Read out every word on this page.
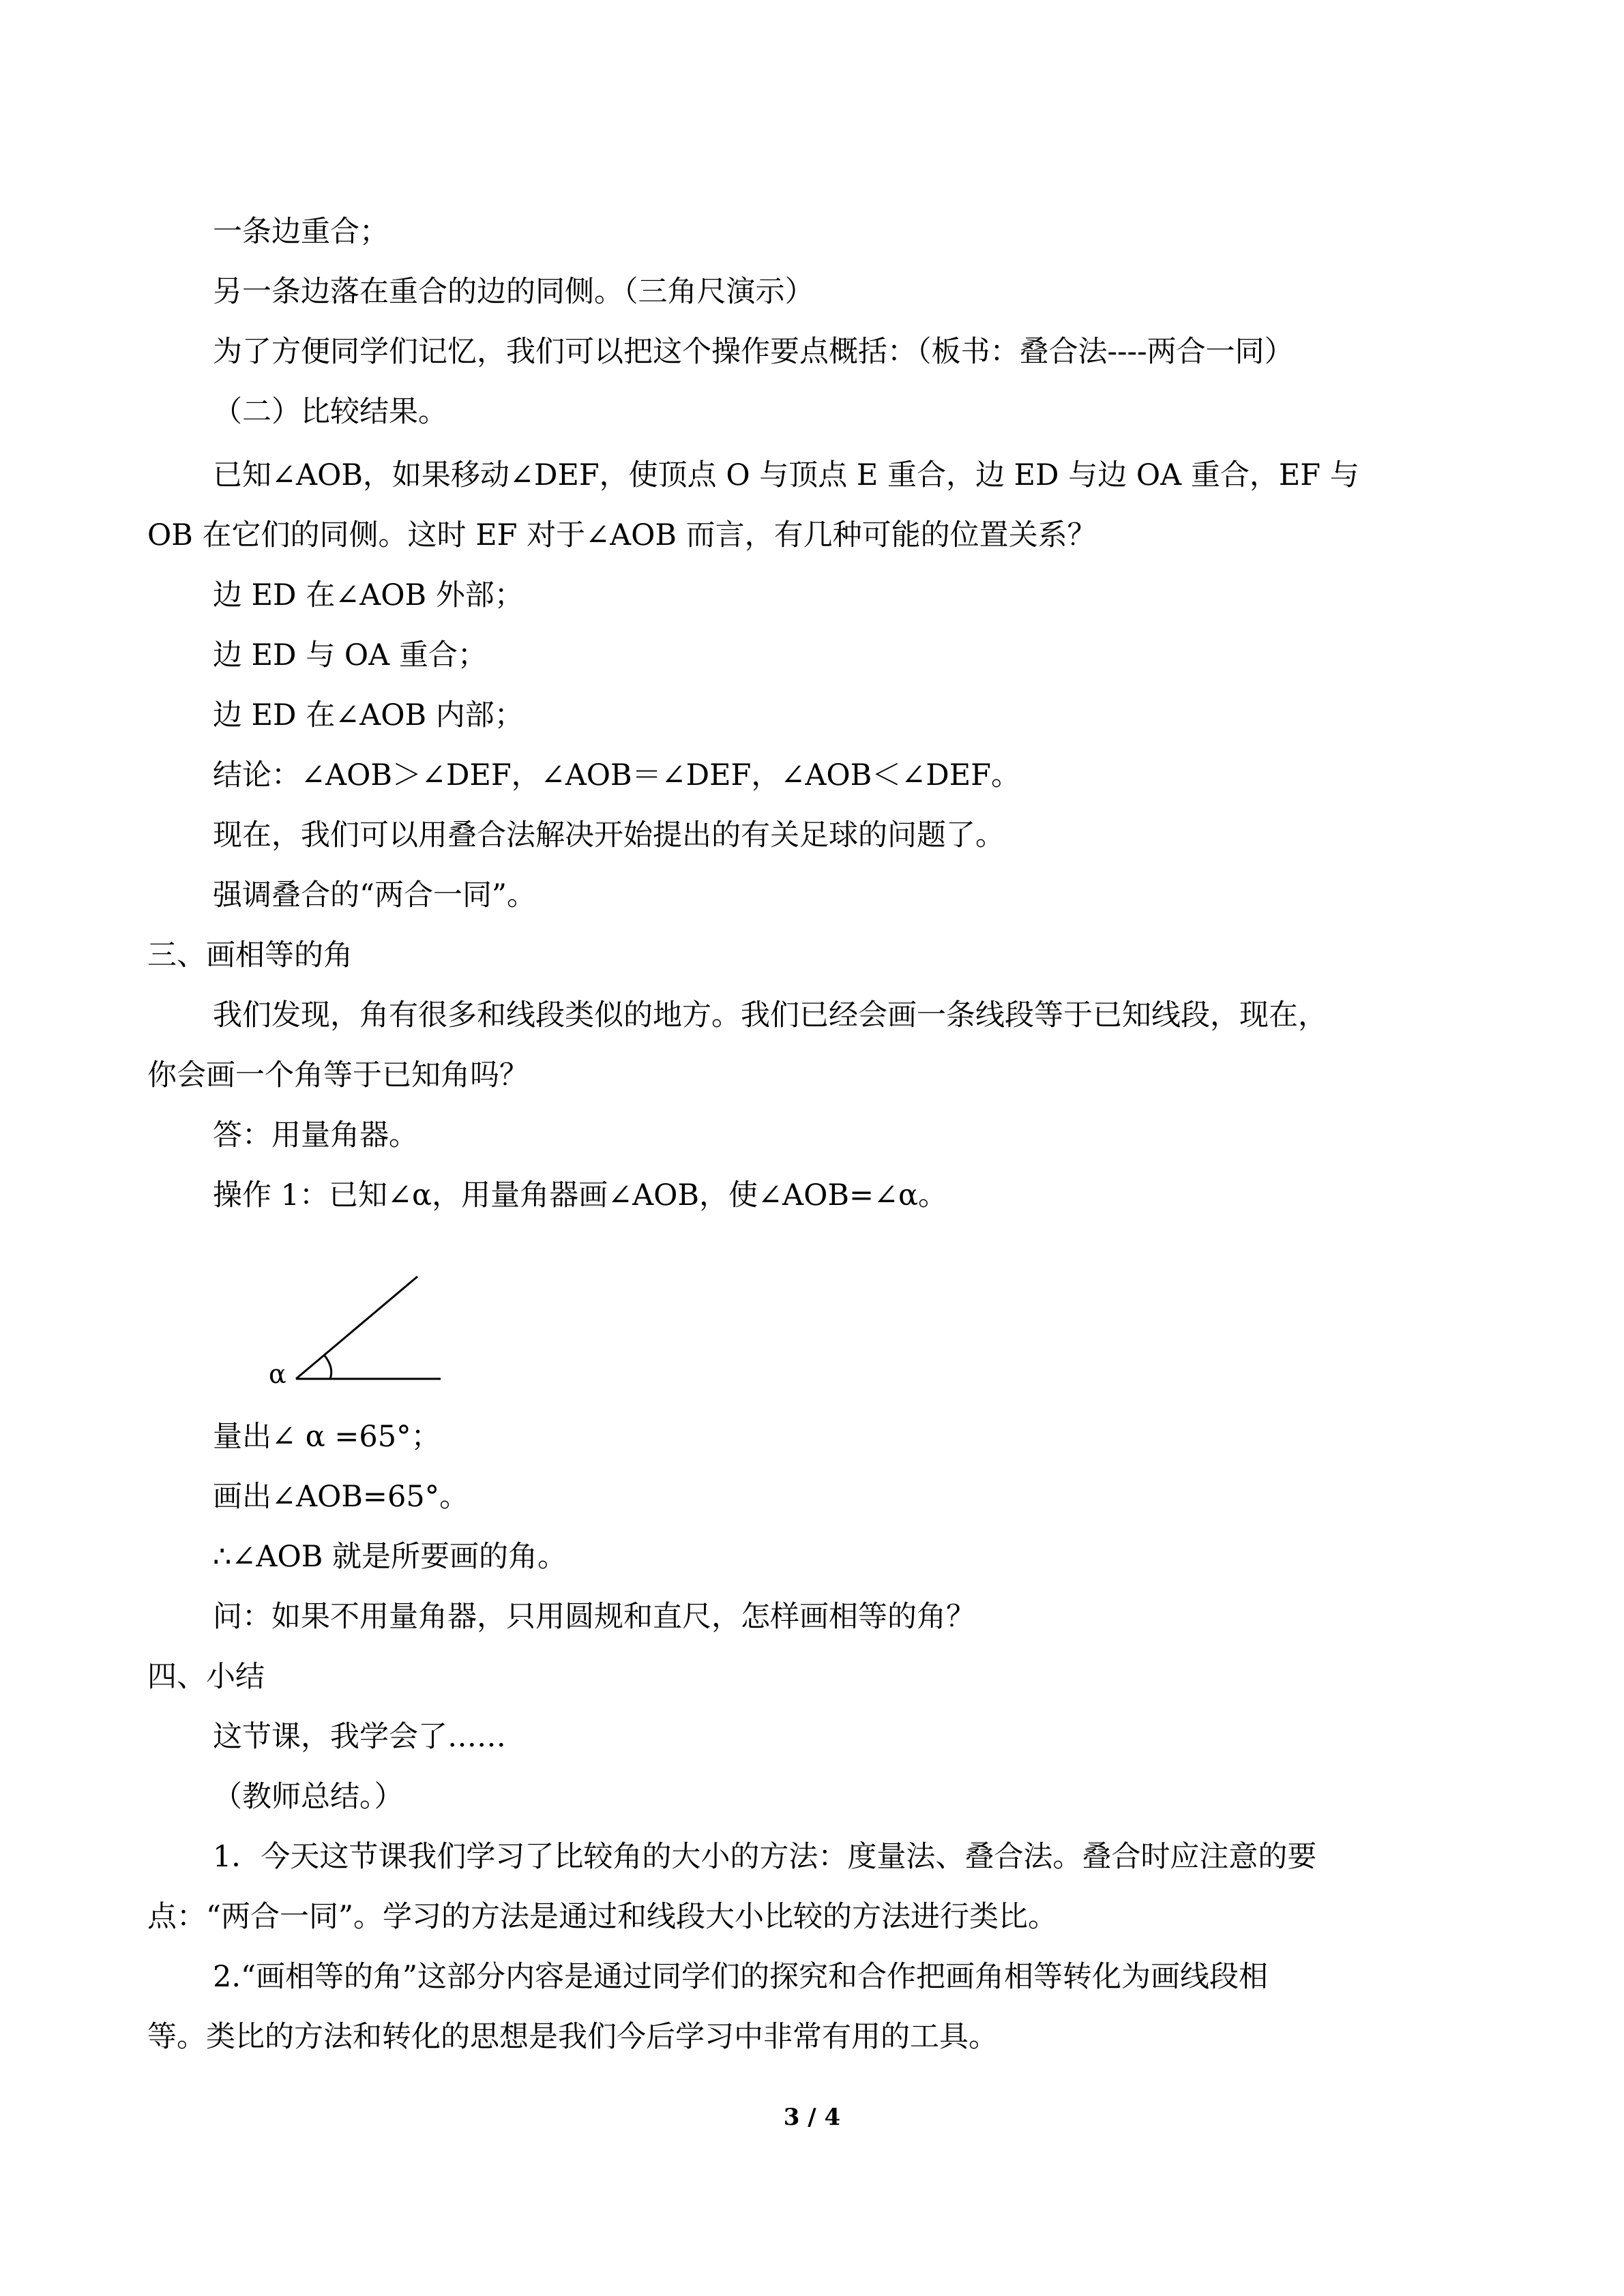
一条边重合；
另一条边落在重合的边的同侧。（三角尺演示）
为了方便同学们记忆，我们可以把这个操作要点概括：（板书：叠合法----两合一同）
（二）比较结果。
已知∠AOB，如果移动∠DEF，使顶点 O 与顶点 E 重合，边 ED 与边 OA 重合，EF 与
OB 在它们的同侧。这时 EF 对于∠AOB 而言，有几种可能的位置关系？
边 ED 在∠AOB 外部；
边 ED 与 OA 重合；
边 ED 在∠AOB 内部；
结论：∠AOB＞∠DEF，∠AOB＝∠DEF，∠AOB＜∠DEF。
现在，我们可以用叠合法解决开始提出的有关足球的问题了。
强调叠合的“两合一同”。
三、画相等的角
我们发现，角有很多和线段类似的地方。我们已经会画一条线段等于已知线段，现在，
你会画一个角等于已知角吗？
答：用量角器。
操作 1：已知∠α，用量角器画∠AOB，使∠AOB=∠α。
α
量出∠ α =65°；
画出∠AOB=65°。
∴∠AOB 就是所要画的角。
问：如果不用量角器，只用圆规和直尺，怎样画相等的角？
四、小结
这节课，我学会了……
（教师总结。）
1．今天这节课我们学习了比较角的大小的方法：度量法、叠合法。叠合时应注意的要
点：“两合一同”。学习的方法是通过和线段大小比较的方法进行类比。
2.“画相等的角”这部分内容是通过同学们的探究和合作把画角相等转化为画线段相
等。类比的方法和转化的思想是我们今后学习中非常有用的工具。
3 / 4
